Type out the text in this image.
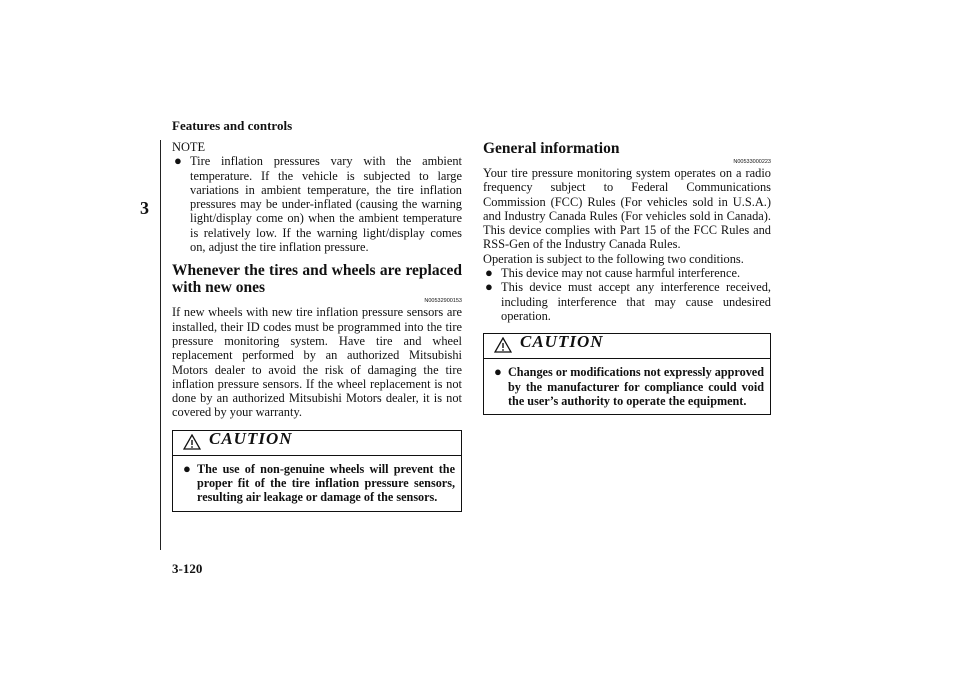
Features and controls
3
3-120
NOTE
● Tire inflation pressures vary with the ambient temperature. If the vehicle is subjected to large variations in ambient temperature, the tire inflation pressures may be under-inflated (causing the warning light/display come on) when the ambient temperature is relatively low. If the warning light/display comes on, adjust the tire inflation pressure.
Whenever the tires and wheels are replaced with new ones
N00532900153

If new wheels with new tire inflation pressure sensors are installed, their ID codes must be programmed into the tire pressure monitoring system. Have tire and wheel replacement performed by an authorized Mitsubishi Motors dealer to avoid the risk of damaging the tire inflation pressure sensors. If the wheel replacement is not done by an authorized Mitsubishi Motors dealer, it is not covered by your warranty.

CAUTION
● The use of non-genuine wheels will prevent the proper fit of the tire inflation pressure sensors, resulting air leakage or damage of the sensors.
General information
N00533000223

Your tire pressure monitoring system operates on a radio frequency subject to Federal Communications Commission (FCC) Rules (For vehicles sold in U.S.A.) and Industry Canada Rules (For vehicles sold in Canada). This device complies with Part 15 of the FCC Rules and RSS-Gen of the Industry Canada Rules.

Operation is subject to the following two conditions.

● This device may not cause harmful interference.
● This device must accept any interference received, including interference that may cause undesired operation.
CAUTION
● Changes or modifications not expressly approved by the manufacturer for compliance could void the user’s authority to operate the equipment.
